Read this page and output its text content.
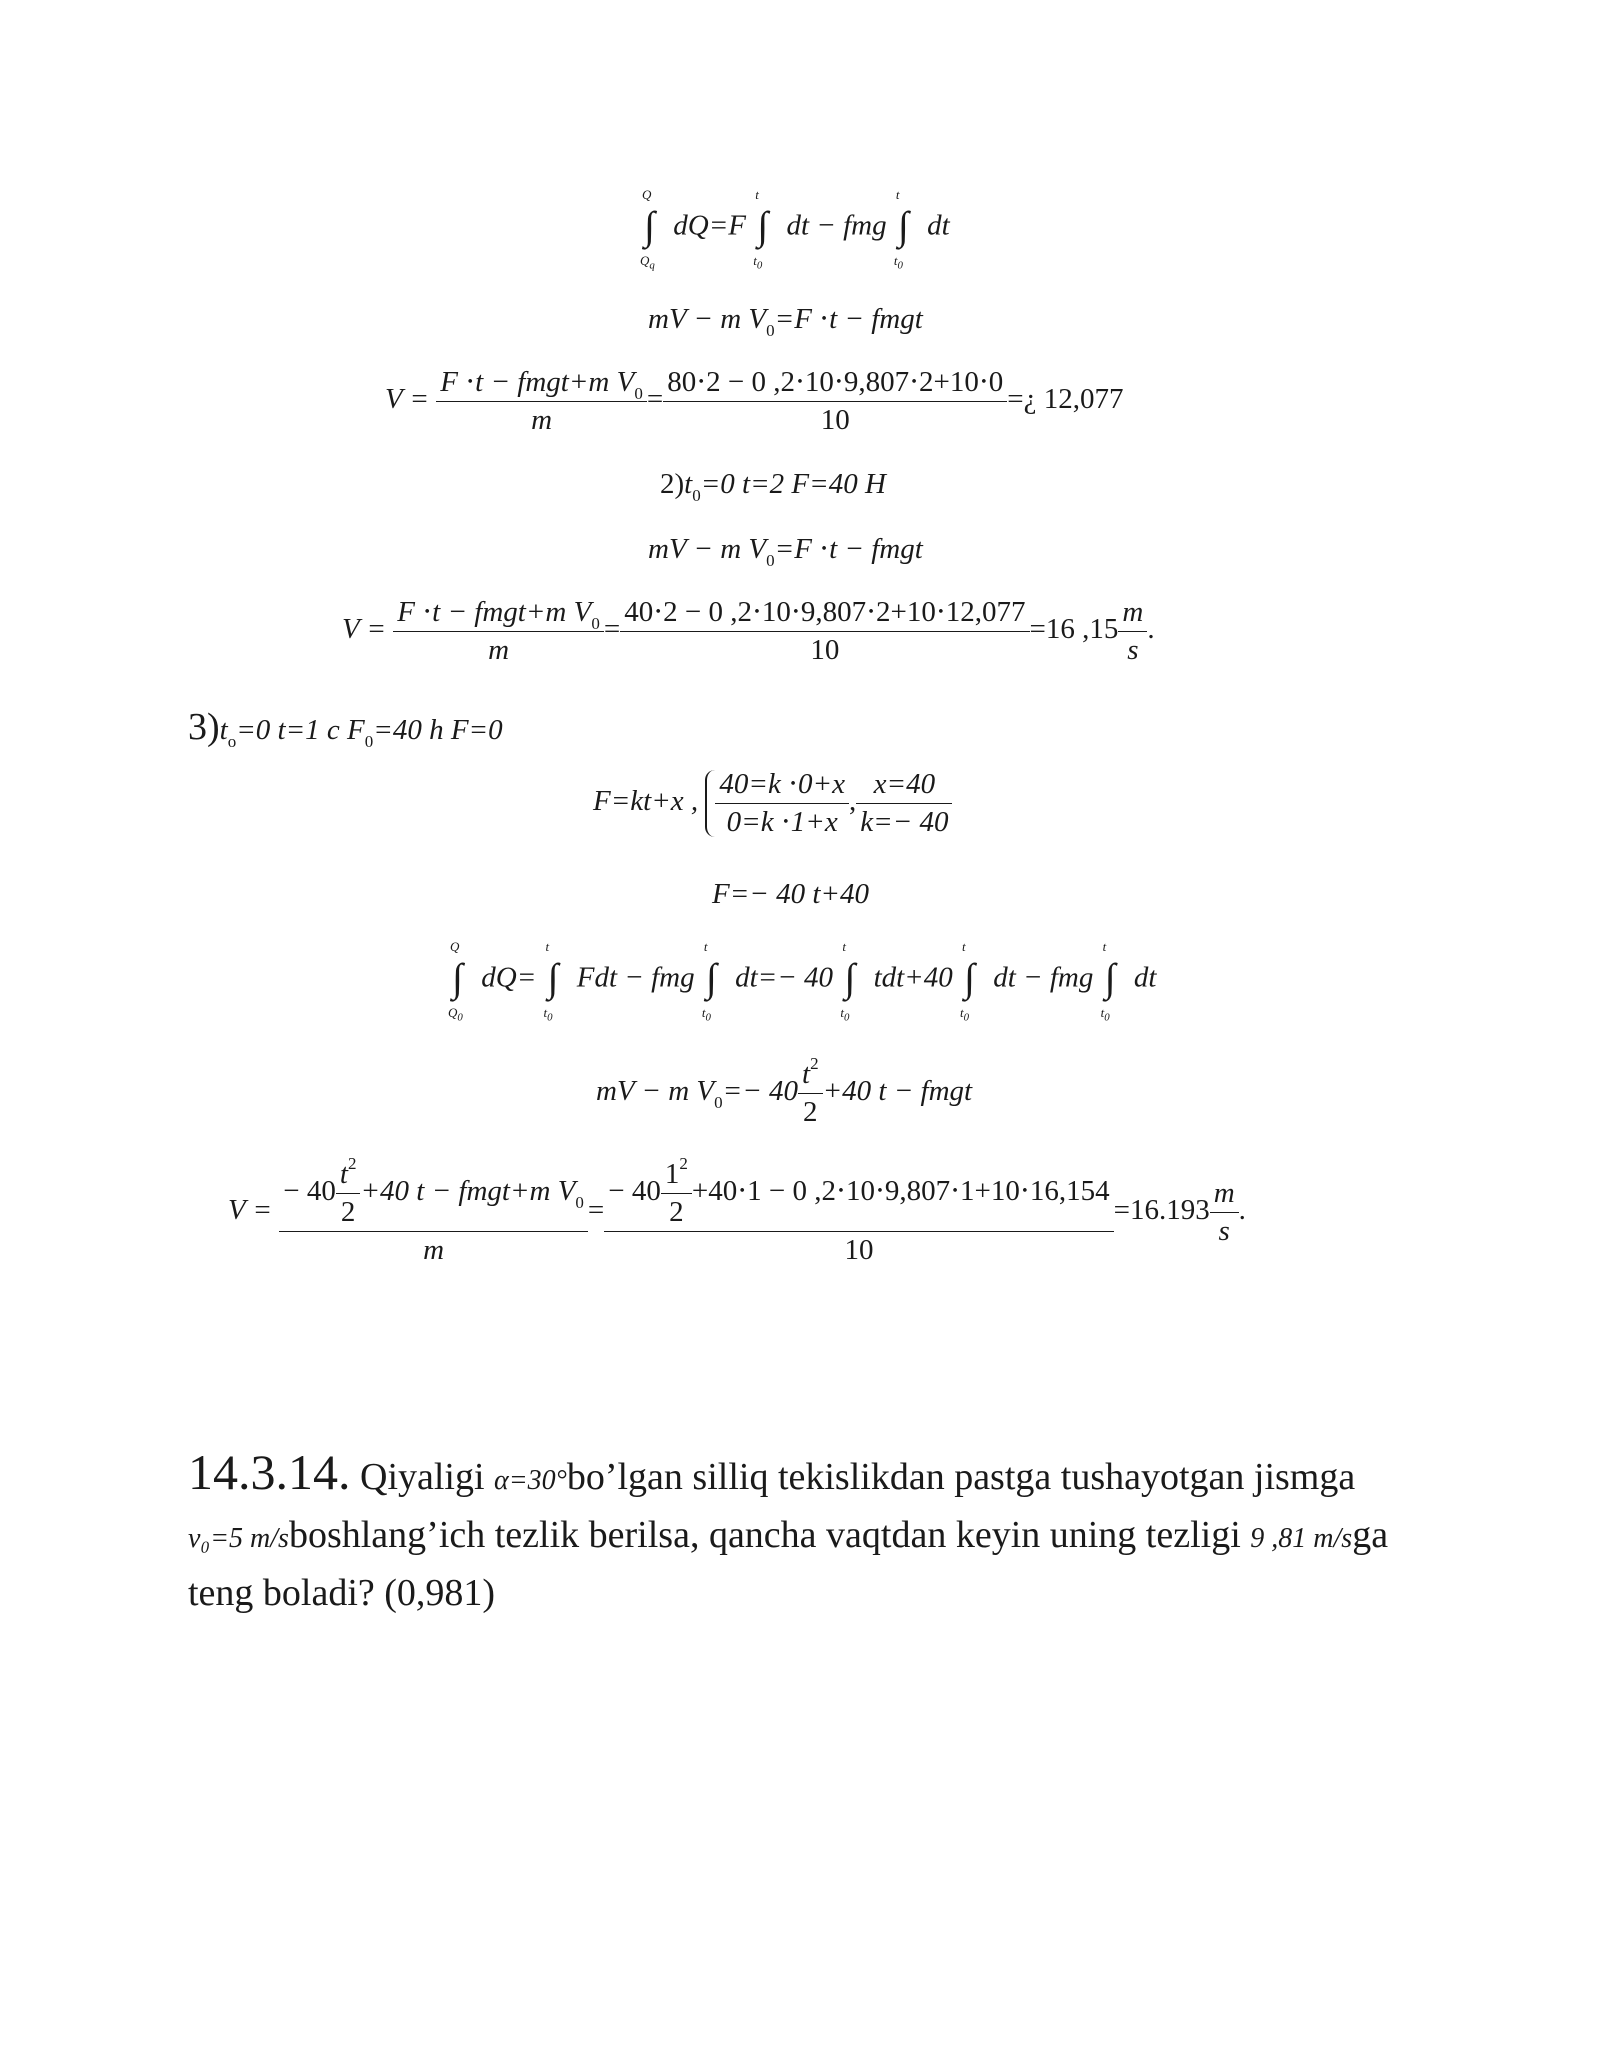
∫
Q
$Q_q$
dQ=F ∫
t
$t_0$
dt − fmg ∫
t
$t_0$
dt
mV − m $V_0=F \cdot t$ − fmgt
$V = \frac{F \cdot t - fmgt+m V_0}{m} = \frac{80\cdot 2 - 0 ,2\cdot 10\cdot 9,807\cdot 2+10\cdot 0}{10}$ =¿ 12,077
$2)t_0=0$ t=2 F=40 H
mV − m $V_0=F \cdot t$ − fmgt
$V = \frac{F \cdot t - fmgt+m V_0}{m} = \frac{40\cdot 2 - 0 ,2\cdot 10\cdot 9,807\cdot 2+10\cdot 12,077}{10} =16$ $,15 \frac{m}{s}$ .
$3)t_o=0$ t=1 c $F_0=40$ h F=0
F=kt+x , $\frac{40=k \cdot 0+x}{0=k \cdot 1+x}$ , $\frac{x=40}{k=- 40}$
F=− 40 t+40
∫
Q
$Q_0$
dQ= ∫
t
$t_0$
Fdt − fmg ∫
t
$t_0$
dt=− 40 ∫
t
$t_0$
tdt+40 ∫
t
$t_0$
dt − fmg ∫
t
$t_0$
dt
mV − m $V_0=- 40 \frac{t^2}{2} +40$ t − fmgt
$V = \frac{- 40 \frac{t^2}{2} +40 t - fmgt+m V_0}{m} = \frac{- 40 \frac{1^2}{2} +40\cdot 1 - 0 ,2\cdot 10\cdot 9,807\cdot 1+10\cdot 16,154}{10} =16.193 \frac{m}{s}$ .
14.3.14. Qiyaligi α=30°bo’lgan silliq tekislikdan pastga tushayotgan jismga v₀=5 m/sboshlang’ich tezlik berilsa, qancha vaqtdan keyin uning tezligi 9 ,81 m/sga teng boladi? (0,981)
